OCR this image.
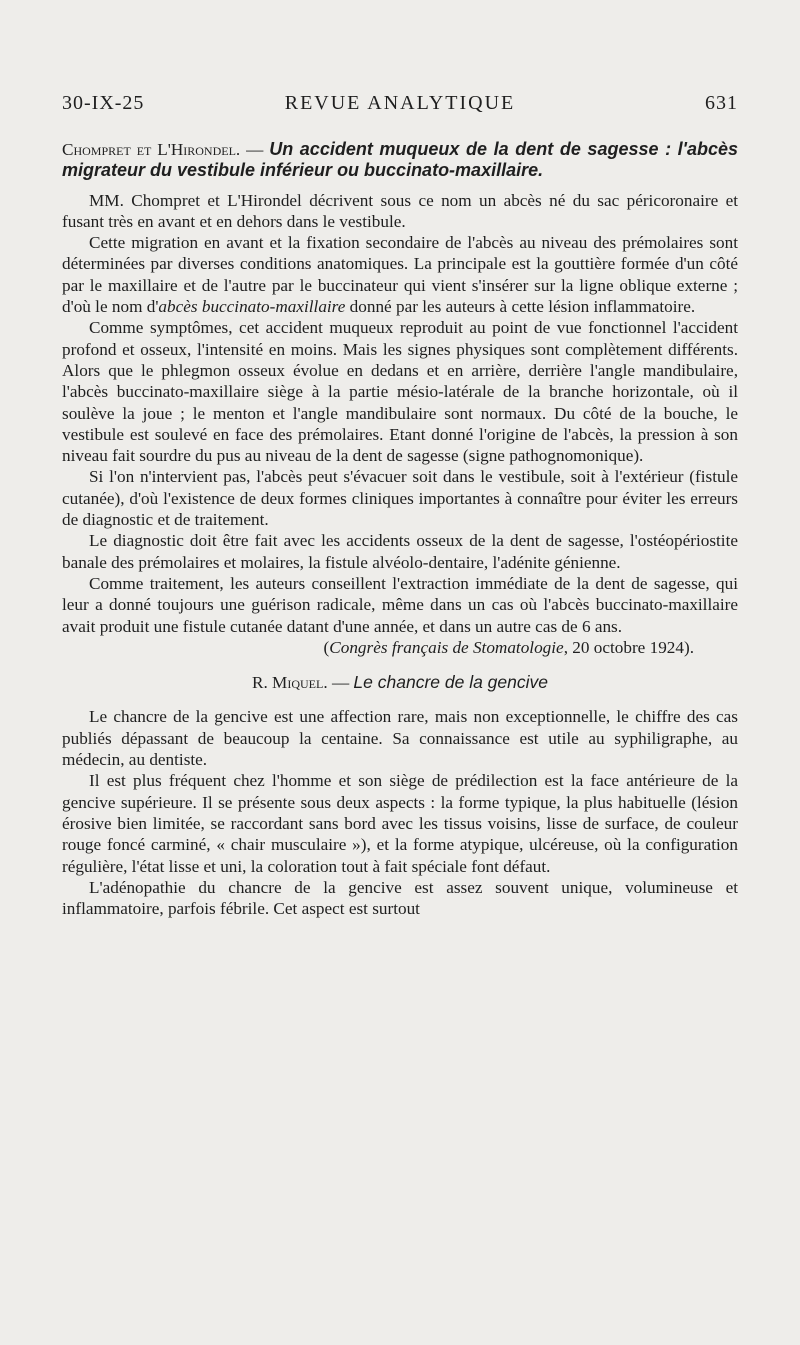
30-IX-25	REVUE ANALYTIQUE	631

Chompret et L'Hirondel. — Un accident muqueux de la dent de sagesse : l'abcès migrateur du vestibule inférieur ou buccinato-maxillaire.

MM. Chompret et L'Hirondel décrivent sous ce nom un abcès né du sac péricoronaire et fusant très en avant et en dehors dans le vestibule.

Cette migration en avant et la fixation secondaire de l'abcès au niveau des prémolaires sont déterminées par diverses conditions anatomiques. La principale est la gouttière formée d'un côté par le maxillaire et de l'autre par le buccinateur qui vient s'insérer sur la ligne oblique externe ; d'où le nom d'abcès buccinato-maxillaire donné par les auteurs à cette lésion inflammatoire.

Comme symptômes, cet accident muqueux reproduit au point de vue fonctionnel l'accident profond et osseux, l'intensité en moins. Mais les signes physiques sont complètement différents. Alors que le phlegmon osseux évolue en dedans et en arrière, derrière l'angle mandibulaire, l'abcès buccinato-maxillaire siège à la partie mésio-latérale de la branche horizontale, où il soulève la joue ; le menton et l'angle mandibulaire sont normaux. Du côté de la bouche, le vestibule est soulevé en face des prémolaires. Etant donné l'origine de l'abcès, la pression à son niveau fait sourdre du pus au niveau de la dent de sagesse (signe pathognomonique).

Si l'on n'intervient pas, l'abcès peut s'évacuer soit dans le vestibule, soit à l'extérieur (fistule cutanée), d'où l'existence de deux formes cliniques importantes à connaître pour éviter les erreurs de diagnostic et de traitement.

Le diagnostic doit être fait avec les accidents osseux de la dent de sagesse, l'ostéopériostite banale des prémolaires et molaires, la fistule alvéolo-dentaire, l'adénite génienne.

Comme traitement, les auteurs conseillent l'extraction immédiate de la dent de sagesse, qui leur a donné toujours une guérison radicale, même dans un cas où l'abcès buccinato-maxillaire avait produit une fistule cutanée datant d'une année, et dans un autre cas de 6 ans.

(Congrès français de Stomatologie, 20 octobre 1924).

R. Miquel. — Le chancre de la gencive

Le chancre de la gencive est une affection rare, mais non exceptionnelle, le chiffre des cas publiés dépassant de beaucoup la centaine. Sa connaissance est utile au syphiligraphe, au médecin, au dentiste.

Il est plus fréquent chez l'homme et son siège de prédilection est la face antérieure de la gencive supérieure. Il se présente sous deux aspects : la forme typique, la plus habituelle (lésion érosive bien limitée, se raccordant sans bord avec les tissus voisins, lisse de surface, de couleur rouge foncé carminé, « chair musculaire »), et la forme atypique, ulcéreuse, où la configuration régulière, l'état lisse et uni, la coloration tout à fait spéciale font défaut.

L'adénopathie du chancre de la gencive est assez souvent unique, volumineuse et inflammatoire, parfois fébrile. Cet aspect est surtout
